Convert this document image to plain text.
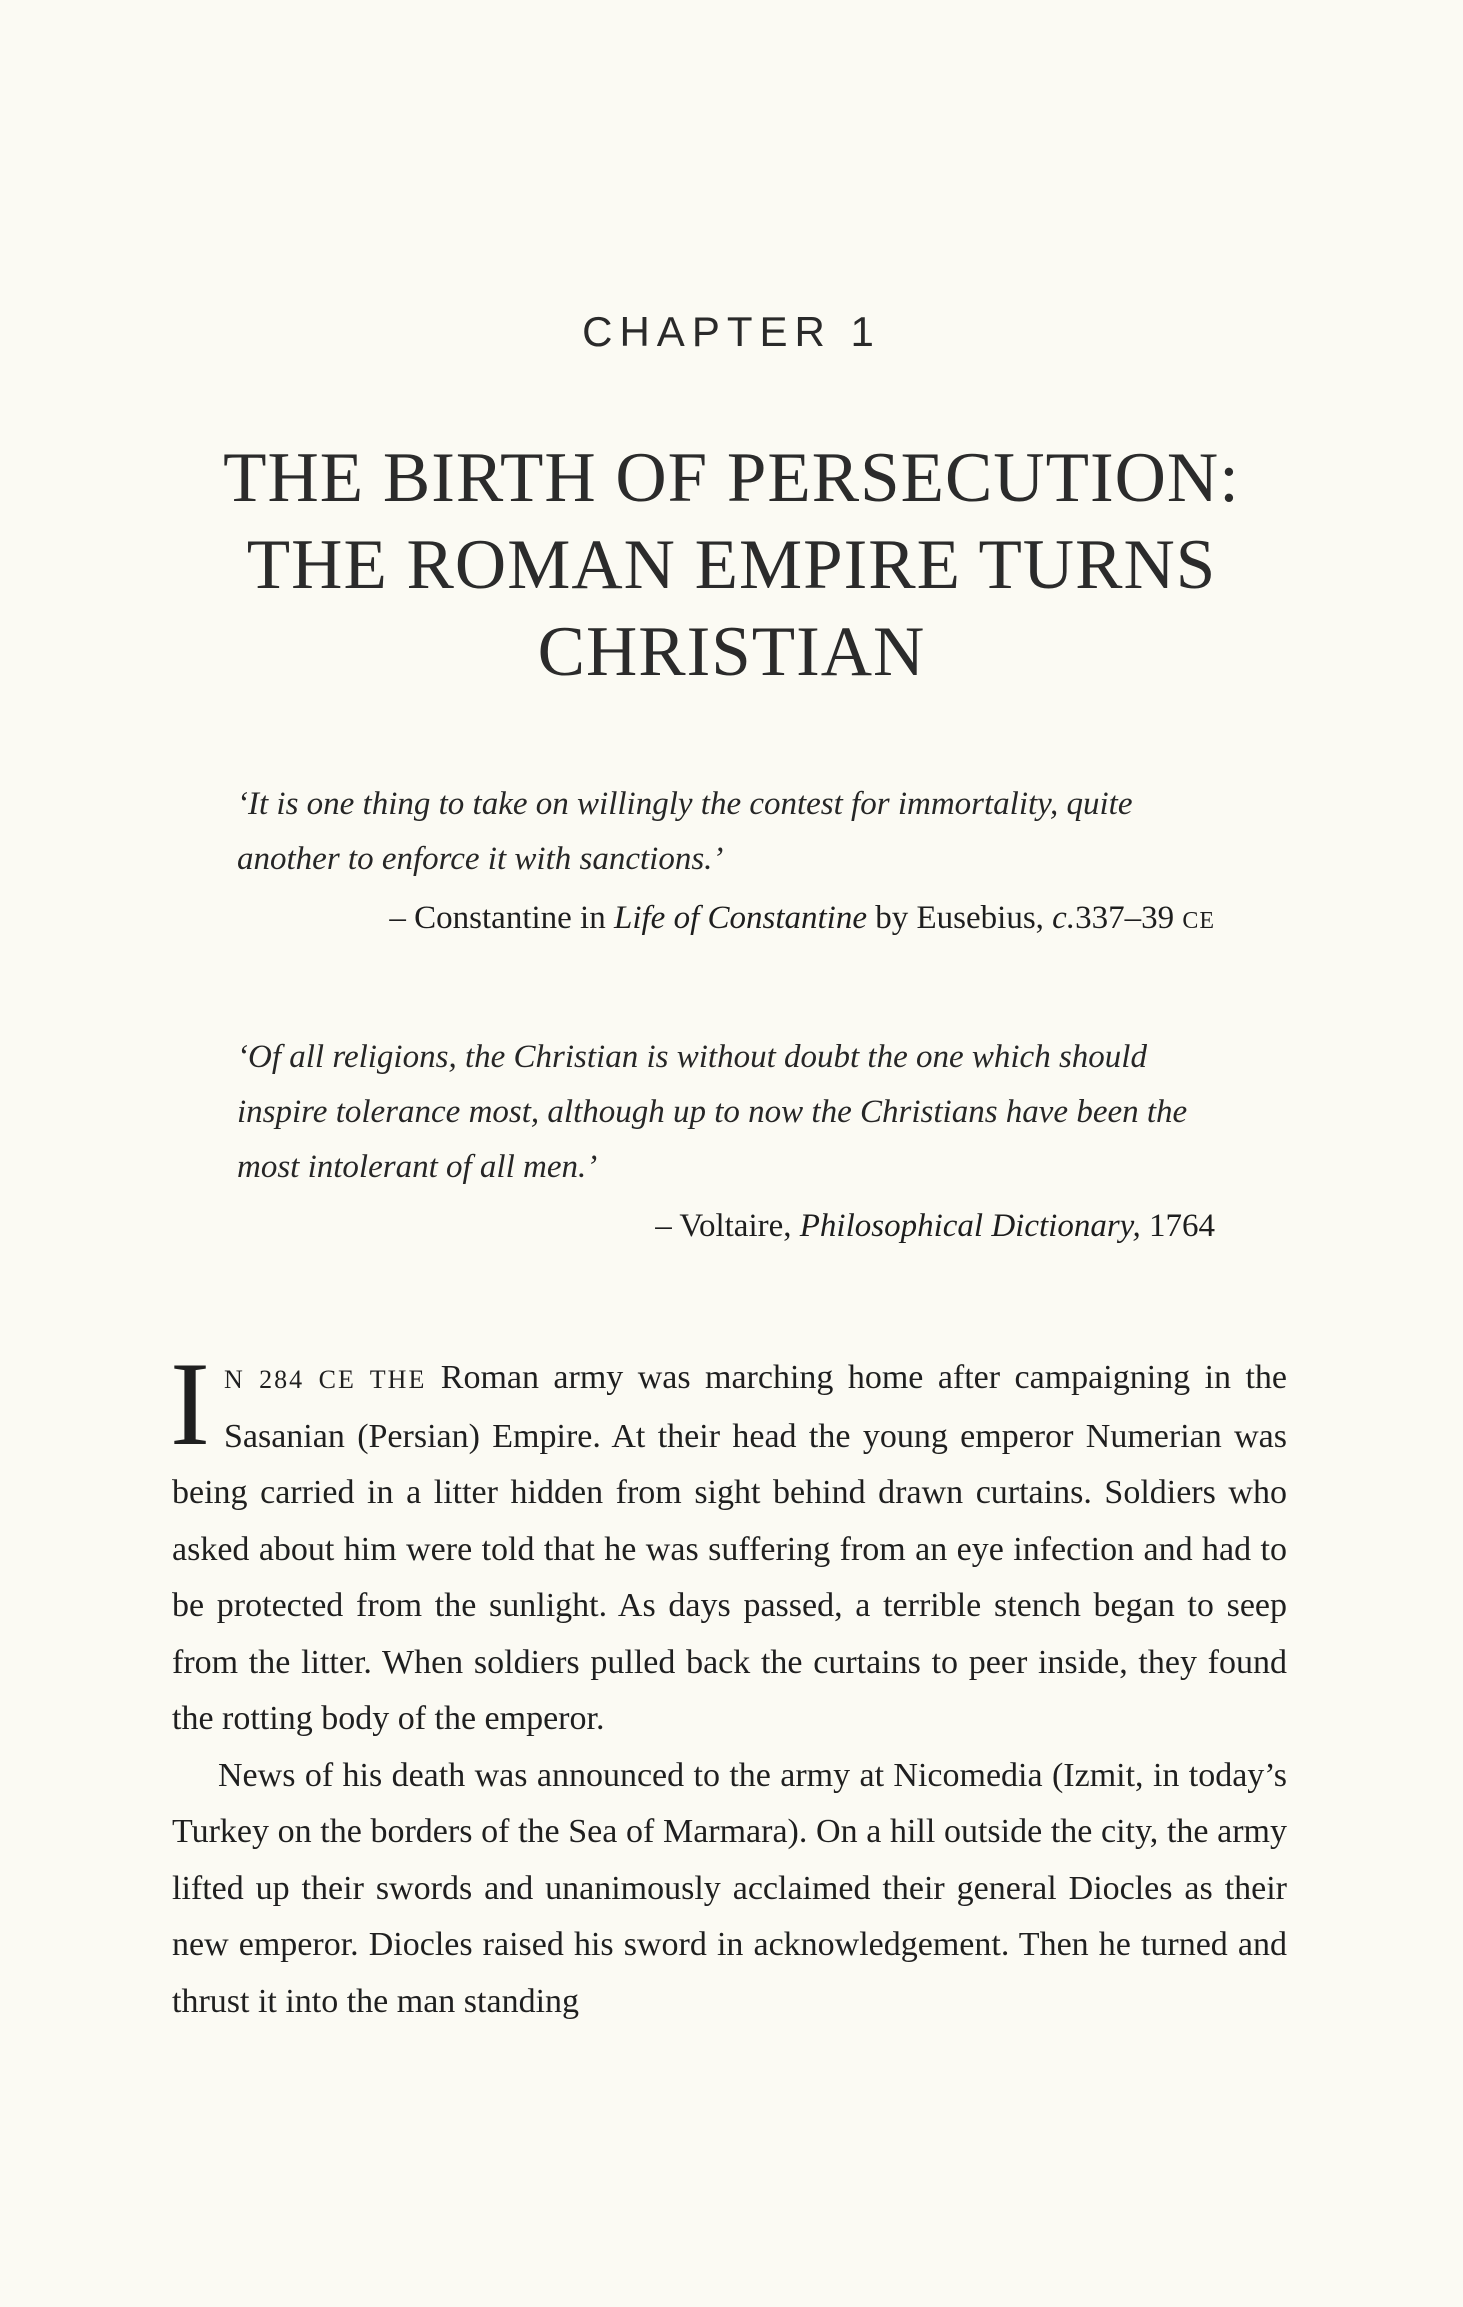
CHAPTER 1
THE BIRTH OF PERSECUTION:
THE ROMAN EMPIRE TURNS
CHRISTIAN

‘It is one thing to take on willingly the contest for immortality, quite another to enforce it with sanctions.’

– Constantine in Life of Constantine by Eusebius, c.337–39 CE

‘Of all religions, the Christian is without doubt the one which should inspire tolerance most, although up to now the Christians have been the most intolerant of all men.’

– Voltaire, Philosophical Dictionary, 1764

I N 284 CE THE Roman army was marching home after campaigning in the Sasanian (Persian) Empire. At their head the young emperor Numerian was being carried in a litter hidden from sight behind drawn curtains. Soldiers who asked about him were told that he was suffering from an eye infection and had to be protected from the sunlight. As days passed, a terrible stench began to seep from the litter. When soldiers pulled back the curtains to peer inside, they found the rotting body of the emperor.

News of his death was announced to the army at Nicomedia (Izmit, in today’s Turkey on the borders of the Sea of Marmara). On a hill outside the city, the army lifted up their swords and unanimously acclaimed their general Diocles as their new emperor. Diocles raised his sword in acknowledgement. Then he turned and thrust it into the man standing
